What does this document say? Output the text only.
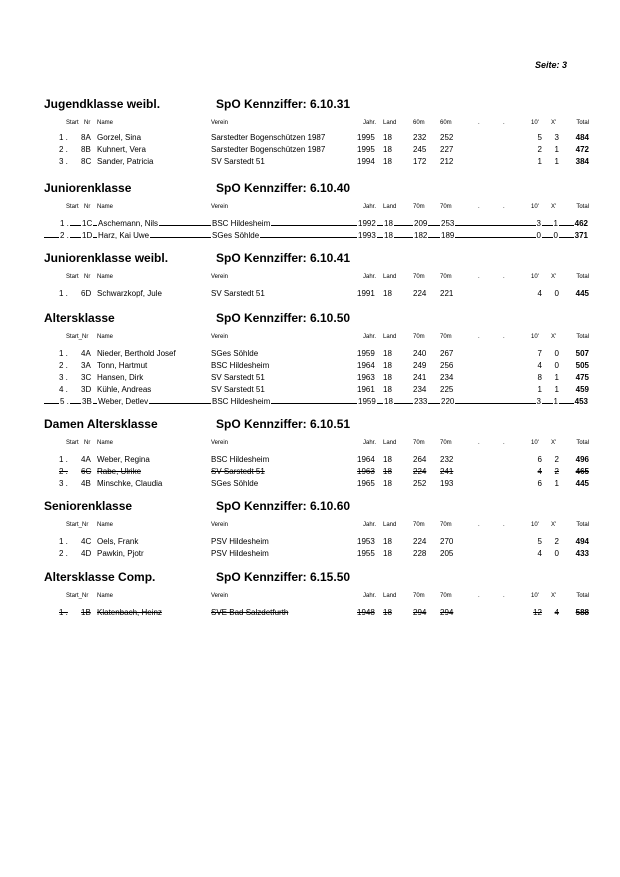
Seite: 3
Jugendklasse weibl.	SpO Kennziffer: 6.10.31
Start Nr Name	Verein	Jahr. Land	60m	60m	.	.	10' X'	Total
1 . 8A Gorzel, Sina	Sarstedter Bogenschützen 1987	1995 18	232 252	5 3 484
2 . 8B Kuhnert, Vera	Sarstedter Bogenschützen 1987	1995 18	245 227	2 1 472
3 . 8C Sander, Patricia	SV Sarstedt 51	1994 18	172 212	1 1 384
Juniorenklasse	SpO Kennziffer: 6.10.40
Start Nr Name	Verein	Jahr. Land	70m	70m	.	.	10' X'	Total
1 . 1C Aschemann, Nils	BSC Hildesheim	1992 18	209 253	3 1 462
2 . 1D Harz, Kai Uwe	SGes Söhlde	1993 18	182 189	0 0 371
Juniorenklasse weibl.	SpO Kennziffer: 6.10.41
Start Nr Name	Verein	Jahr. Land	70m	70m	.	.	10' X'	Total
1 . 6D Schwarzkopf, Jule	SV Sarstedt 51	1991 18	224 221	4 0 445
Altersklasse	SpO Kennziffer: 6.10.50
Start_Nr Name	Verein	Jahr. Land	70m	70m	.	.	10' X'	Total
1 . 4A Nieder, Berthold Josef	SGes Söhlde	1959 18	240 267	7 0 507
2 . 3A Tonn, Hartmut	BSC Hildesheim	1964 18	249 256	4 0 505
3 . 3C Hansen, Dirk	SV Sarstedt 51	1963 18	241 234	8 1 475
4 . 3D Kühle, Andreas	SV Sarstedt 51	1961 18	234 225	1 1 459
5 . 3B Weber, Detlev	BSC Hildesheim	1959 18	233 220	3 1 453
Damen Altersklasse	SpO Kennziffer: 6.10.51
Start Nr Name	Verein	Jahr. Land	70m	70m	.	.	10' X'	Total
1 . 4A Weber, Regina	BSC Hildesheim	1964 18	264 232	6 2 496
2 . 6C Rabe, Ulrike	SV Sarstedt 51	1963 18	224 241	4 2 465
3 . 4B Minschke, Claudia	SGes Söhlde	1965 18	252 193	6 1 445
Seniorenklasse	SpO Kennziffer: 6.10.60
Start_Nr Name	Verein	Jahr. Land	70m	70m	.	.	10' X'	Total
1 . 4C Oels, Frank	PSV Hildesheim	1953 18	224 270	5 2 494
2 . 4D Pawkin, Pjotr	PSV Hildesheim	1955 18	228 205	4 0 433
Altersklasse Comp.	SpO Kennziffer: 6.15.50
Start_Nr Name	Verein	Jahr. Land	70m	70m	.	.	10' X'	Total
1 . 1B Klatenbach, Heinz	SVE Bad Salzdetfurth	1948 18	294 294	12 4 588
